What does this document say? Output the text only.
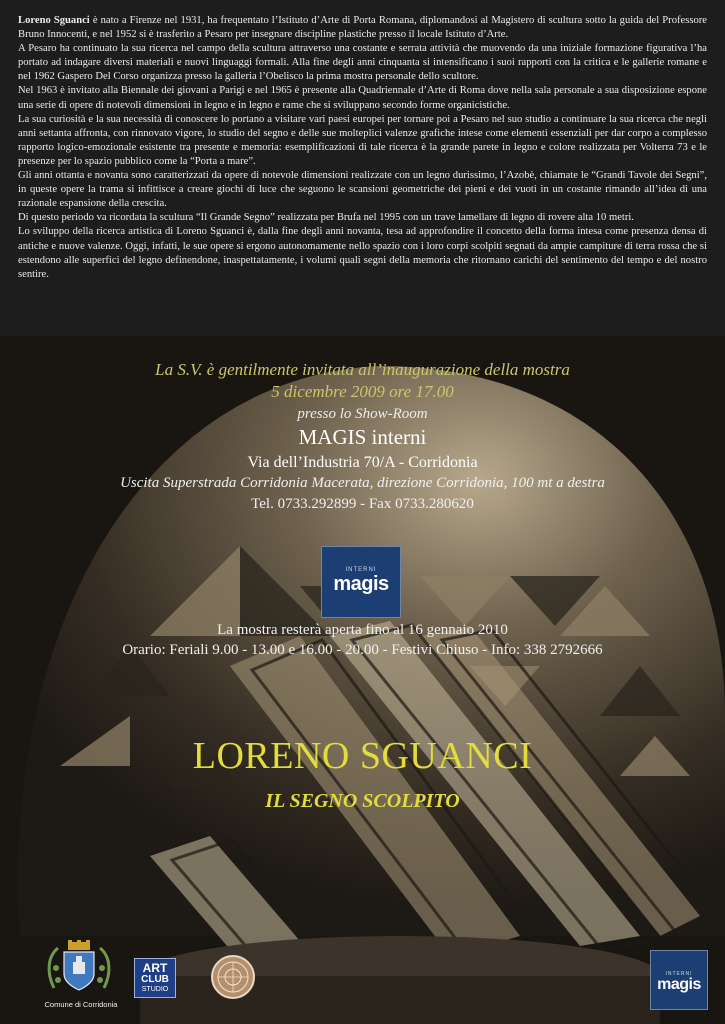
Loreno Sguanci è nato a Firenze nel 1931, ha frequentato l’Istituto d’Arte di Porta Romana, diplomandosi al Magistero di scultura sotto la guida del Professore Bruno Innocenti, e nel 1952 si è trasferito a Pesaro per insegnare discipline plastiche presso il locale Istituto d’Arte.

A Pesaro ha continuato la sua ricerca nel campo della scultura attraverso una costante e serrata attività che muovendo da una iniziale formazione figurativa l’ha portato ad indagare diversi materiali e nuovi linguaggi formali. Alla fine degli anni cinquanta si intensificano i suoi rapporti con la critica e le gallerie romane e nel 1962 Gaspero Del Corso organizza presso la galleria l’Obelisco la prima mostra personale dello scultore.

Nel 1963 è invitato alla Biennale dei giovani a Parigi e nel 1965 è presente alla Quadriennale d’Arte di Roma dove nella sala personale a sua disposizione espone una serie di opere di notevoli dimensioni in legno e in legno e rame che si sviluppano secondo forme organicistiche.

La sua curiosità e la sua necessità di conoscere lo portano a visitare vari paesi europei per tornare poi a Pesaro nel suo studio a continuare la sua ricerca che negli anni settanta affronta, con rinnovato vigore, lo studio del segno e delle sue molteplici valenze grafiche intese come elementi essenziali per dar corpo a complesso rapporto logico-emozionale esistente tra presente e memoria: esemplificazioni di tale ricerca è la grande parete in legno e colore realizzata per Volterra 73 e le presenze per lo spazio pubblico come la “Porta a mare”.

Gli anni ottanta e novanta sono caratterizzati da opere di notevole dimensioni realizzate con un legno durissimo, l’Azobè, chiamate le “Grandi Tavole dei Segni”, in queste opere la trama si infittisce a creare giochi di luce che seguono le scansioni geometriche dei pieni e dei vuoti in un costante rimando all’idea di una razionale espansione della crescita.

Di questo periodo va ricordata la scultura “Il Grande Segno” realizzata per Brufa nel 1995 con un trave lamellare di legno di rovere alta 10 metri.

Lo sviluppo della ricerca artistica di Loreno Sguanci è, dalla fine degli anni novanta, tesa ad approfondire il concetto della forma intesa come presenza densa di antiche e nuove valenze. Oggi, infatti, le sue opere si ergono autonomamente nello spazio con i loro corpi scolpiti segnati da ampie campiture di terra rossa che si estendono alle superfici del legno definendone, inaspettatamente, i volumi quali segni della memoria che ritornano carichi del sentimento del tempo e del nostro sentire.

La S.V. è gentilmente invitata all’inaugurazione della mostra

5 dicembre 2009 ore 17.00

presso lo Show-Room

MAGIS interni

Via dell’Industria 70/A - Corridonia

Uscita Superstrada Corridonia Macerata, direzione Corridonia, 100 mt a destra

Tel. 0733.292899 - Fax 0733.280620

INTERNI
magis

La mostra resterà aperta fino al 16 gennaio 2010

Orario: Feriali 9.00 - 13.00 e 16.00 - 20.00 - Festivi Chiuso - Info: 338 2792666

LORENO SGUANCI

IL SEGNO SCOLPITO

Comune di Corridonia
ART
CLUB
STUDIO
INTERNI
magis
